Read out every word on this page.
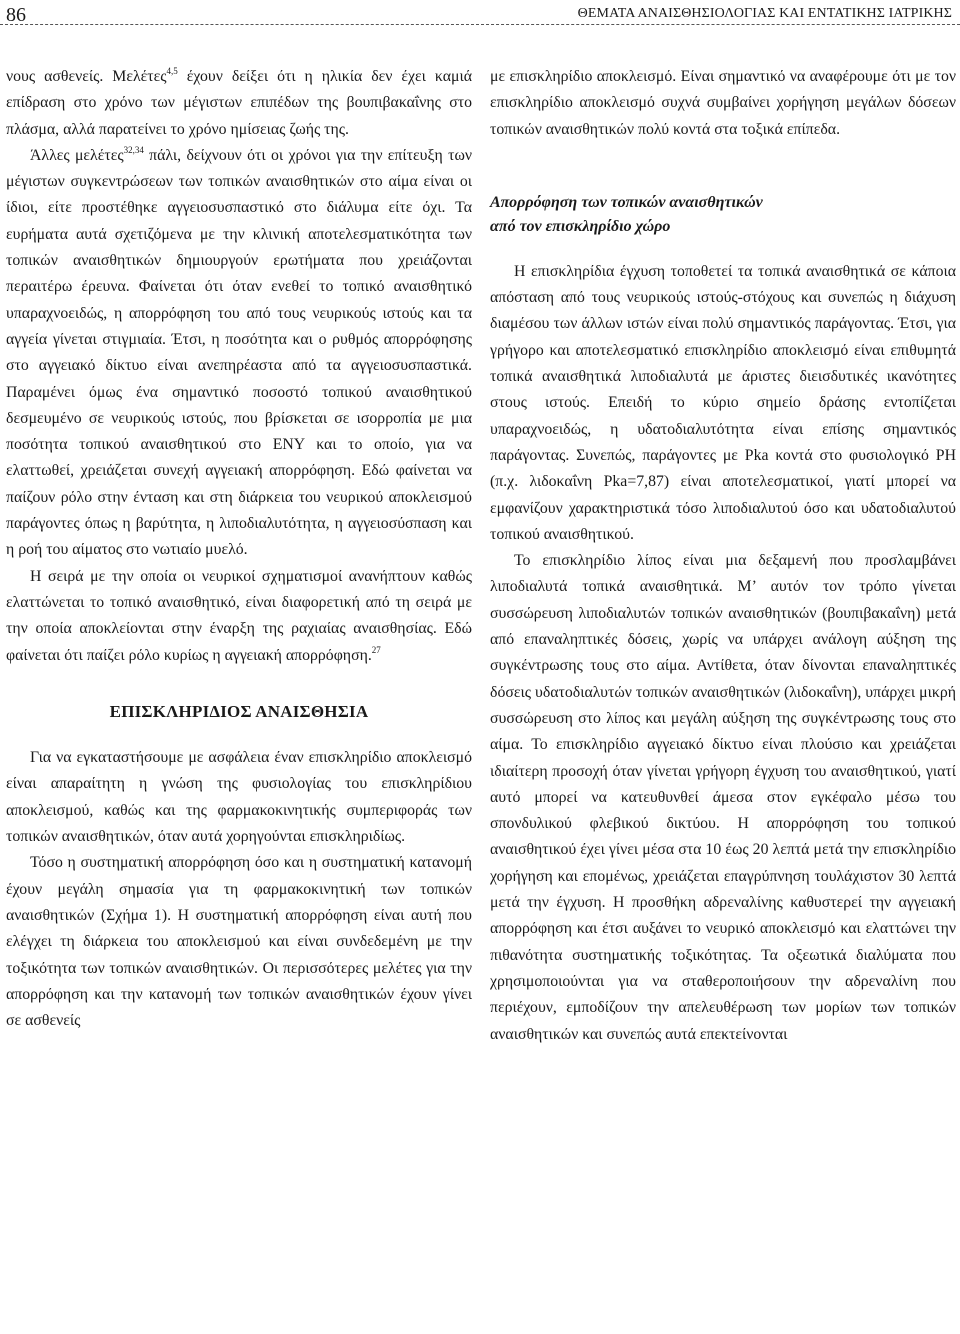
86	ΘΕΜΑΤΑ ΑΝΑΙΣΘΗΣΙΟΛΟΓΙΑΣ ΚΑΙ ΕΝΤΑΤΙΚΗΣ ΙΑΤΡΙΚΗΣ

νους ασθενείς. Μελέτες$^{4,5}$ έχουν δείξει ότι η ηλικία δεν έχει καμιά επίδραση στο χρόνο των μέγιστων επιπέδων της βουπιβακαΐνης στο πλάσμα, αλλά παρατείνει το χρόνο ημίσειας ζωής της.

Άλλες μελέτες$^{32,34}$ πάλι, δείχνουν ότι οι χρόνοι για την επίτευξη των μέγιστων συγκεντρώσεων των τοπικών αναισθητικών στο αίμα είναι οι ίδιοι, είτε προστέθηκε αγγειοσυσπαστικό στο διάλυμα είτε όχι. Τα ευρήματα αυτά σχετιζόμενα με την κλινική αποτελεσματικότητα των τοπικών αναισθητικών δημιουργούν ερωτήματα που χρειάζονται περαιτέρω έρευνα. Φαίνεται ότι όταν ενεθεί το τοπικό αναισθητικό υπαραχνοειδώς, η απορρόφηση του από τους νευρικούς ιστούς και τα αγγεία γίνεται στιγμιαία. Έτσι, η ποσότητα και ο ρυθμός απορρόφησης στο αγγειακό δίκτυο είναι ανεπηρέαστα από τα αγγειοσυσπαστικά. Παραμένει όμως ένα σημαντικό ποσοστό τοπικού αναισθητικού δεσμευμένο σε νευρικούς ιστούς, που βρίσκεται σε ισορροπία με μια ποσότητα τοπικού αναισθητικού στο ΕΝΥ και το οποίο, για να ελαττωθεί, χρειάζεται συνεχή αγγειακή απορρόφηση. Εδώ φαίνεται να παίζουν ρόλο στην ένταση και στη διάρκεια του νευρικού αποκλεισμού παράγοντες όπως η βαρύτητα, η λιποδιαλυτότητα, η αγγειοσύσπαση και η ροή του αίματος στο νωτιαίο μυελό.

Η σειρά με την οποία οι νευρικοί σχηματισμοί ανανήπτουν καθώς ελαττώνεται το τοπικό αναισθητικό, είναι διαφορετική από τη σειρά με την οποία αποκλείονται στην έναρξη της ραχιαίας αναισθησίας. Εδώ φαίνεται ότι παίζει ρόλο κυρίως η αγγειακή απορρόφηση.$^{27}$

ΕΠΙΣΚΛΗΡΙΔΙΟΣ ΑΝΑΙΣΘΗΣΙΑ

Για να εγκαταστήσουμε με ασφάλεια έναν επισκληρίδιο αποκλεισμό είναι απαραίτητη η γνώση της φυσιολογίας του επισκληρίδιου αποκλεισμού, καθώς και της φαρμακοκινητικής συμπεριφοράς των τοπικών αναισθητικών, όταν αυτά χορηγούνται επισκληριδίως.

Τόσο η συστηματική απορρόφηση όσο και η συστηματική κατανομή έχουν μεγάλη σημασία για τη φαρμακοκινητική των τοπικών αναισθητικών (Σχήμα 1). Η συστηματική απορρόφηση είναι αυτή που ελέγχει τη διάρκεια του αποκλεισμού και είναι συνδεδεμένη με την τοξικότητα των τοπικών αναισθητικών. Οι περισσότερες μελέτες για την απορρόφηση και την κατανομή των τοπικών αναισθητικών έχουν γίνει σε ασθενείς

με επισκληρίδιο αποκλεισμό. Είναι σημαντικό να αναφέρουμε ότι με τον επισκληρίδιο αποκλεισμό συχνά συμβαίνει χορήγηση μεγάλων δόσεων τοπικών αναισθητικών πολύ κοντά στα τοξικά επίπεδα.

Απορρόφηση των τοπικών αναισθητικών
από τον επισκληρίδιο χώρο

Η επισκληρίδια έγχυση τοποθετεί τα τοπικά αναισθητικά σε κάποια απόσταση από τους νευρικούς ιστούς-στόχους και συνεπώς η διάχυση διαμέσου των άλλων ιστών είναι πολύ σημαντικός παράγοντας. Έτσι, για γρήγορο και αποτελεσματικό επισκληρίδιο αποκλεισμό είναι επιθυμητά τοπικά αναισθητικά λιποδιαλυτά με άριστες διεισδυτικές ικανότητες στους ιστούς. Επειδή το κύριο σημείο δράσης εντοπίζεται υπαραχνοειδώς, η υδατοδιαλυτότητα είναι επίσης σημαντικός παράγοντας. Συνεπώς, παράγοντες με Pka κοντά στο φυσιολογικό PH (π.χ. λιδοκαΐνη Pka=7,87) είναι αποτελεσματικοί, γιατί μπορεί να εμφανίζουν χαρακτηριστικά τόσο λιποδιαλυτού όσο και υδατοδιαλυτού τοπικού αναισθητικού.

Το επισκληρίδιο λίπος είναι μια δεξαμενή που προσλαμβάνει λιποδιαλυτά τοπικά αναισθητικά. Μ’ αυτόν τον τρόπο γίνεται συσσώρευση λιποδιαλυτών τοπικών αναισθητικών (βουπιβακαΐνη) μετά από επαναληπτικές δόσεις, χωρίς να υπάρχει ανάλογη αύξηση της συγκέντρωσης τους στο αίμα. Αντίθετα, όταν δίνονται επαναληπτικές δόσεις υδατοδιαλυτών τοπικών αναισθητικών (λιδοκαΐνη), υπάρχει μικρή συσσώρευση στο λίπος και μεγάλη αύξηση της συγκέντρωσης τους στο αίμα. Το επισκληρίδιο αγγειακό δίκτυο είναι πλούσιο και χρειάζεται ιδιαίτερη προσοχή όταν γίνεται γρήγορη έγχυση του αναισθητικού, γιατί αυτό μπορεί να κατευθυνθεί άμεσα στον εγκέφαλο μέσω του σπονδυλικού φλεβικού δικτύου. Η απορρόφηση του τοπικού αναισθητικού έχει γίνει μέσα στα 10 έως 20 λεπτά μετά την επισκληρίδιο χορήγηση και επομένως, χρειάζεται επαγρύπνηση τουλάχιστον 30 λεπτά μετά την έγχυση. Η προσθήκη αδρεναλίνης καθυστερεί την αγγειακή απορρόφηση και έτσι αυξάνει το νευρικό αποκλεισμό και ελαττώνει την πιθανότητα συστηματικής τοξικότητας. Τα οξεωτικά διαλύματα που χρησιμοποιούνται για να σταθεροποιήσουν την αδρεναλίνη που περιέχουν, εμποδίζουν την απελευθέρωση των μορίων των τοπικών αναισθητικών και συνεπώς αυτά επεκτείνονται
